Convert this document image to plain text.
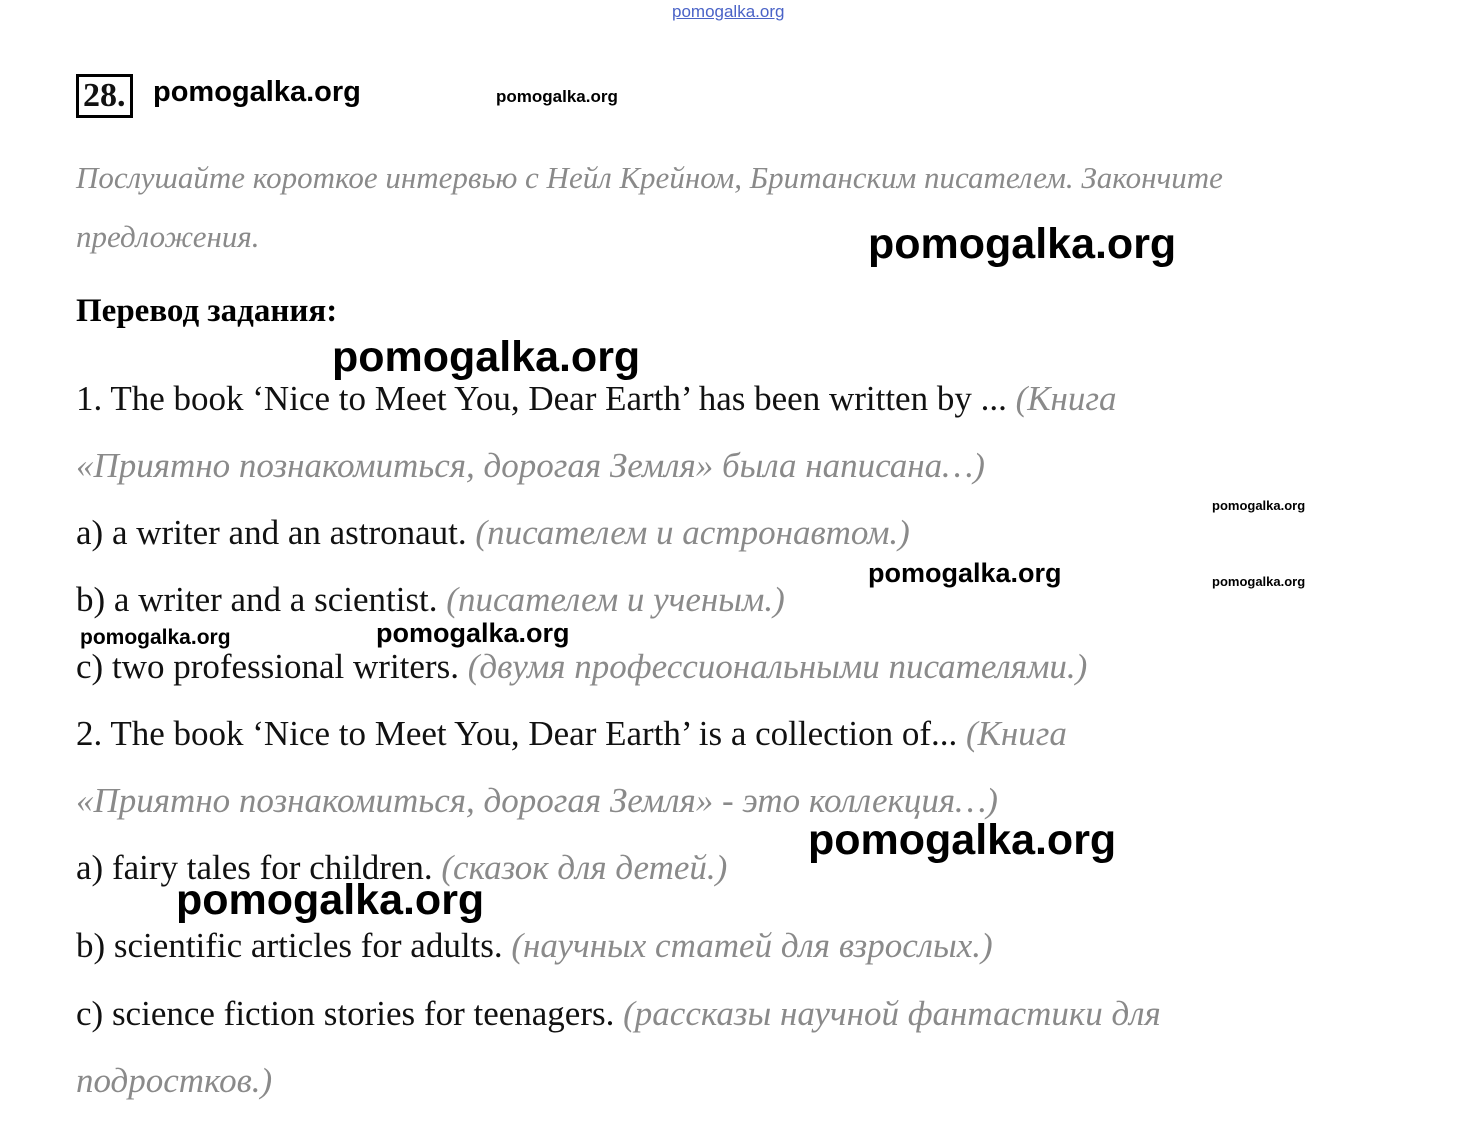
pomogalka.org
28. pomogalka.org	pomogalka.org
Послушайте короткое интервью с Нейл Крейном, Британским писателем. Закончите
предложения.	pomogalka.org
Перевод задания:
pomogalka.org
1. The book ‘Nice to Meet You, Dear Earth’ has been written by ... (Книга
«Приятно познакомиться, дорогая Земля» была написана…)
a) a writer and an astronaut. (писателем и астронавтом.)
pomogalka.org
b) a writer and a scientist. (писателем и ученым.)
pomogalka.org	pomogalka.org
pomogalka.org	pomogalka.org
c) two professional writers. (двумя профессиональными писателями.)
2. The book ‘Nice to Meet You, Dear Earth’ is a collection of... (Книга
«Приятно познакомиться, дорогая Земля» - это коллекция…)
pomogalka.org
a) fairy tales for children. (сказок для детей.)
pomogalka.org
b) scientific articles for adults. (научных статей для взрослых.)
c) science fiction stories for teenagers. (рассказы научной фантастики для
подростков.)
